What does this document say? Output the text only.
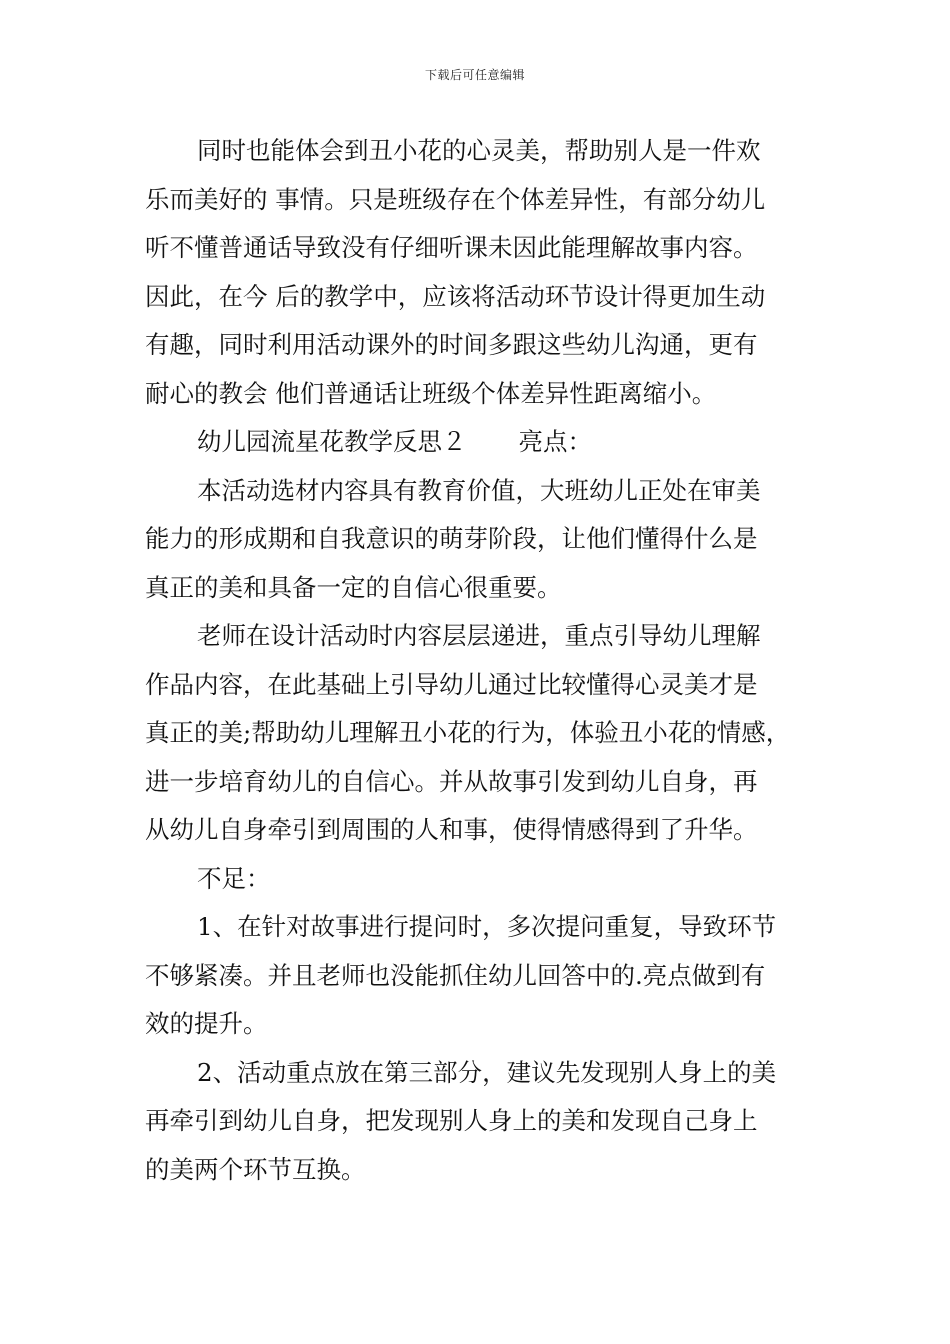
下载后可任意编辑
同时也能体会到丑小花的心灵美，帮助别人是一件欢
乐而美好的 事情。只是班级存在个体差异性，有部分幼儿
听不懂普通话导致没有仔细听课未因此能理解故事内容。
因此，在今 后的教学中，应该将活动环节设计得更加生动
有趣，同时利用活动课外的时间多跟这些幼儿沟通，更有
耐心的教会 他们普通话让班级个体差异性距离缩小。
幼儿园流星花教学反思２ 亮点：
本活动选材内容具有教育价值，大班幼儿正处在审美
能力的形成期和自我意识的萌芽阶段，让他们懂得什么是
真正的美和具备一定的自信心很重要。
老师在设计活动时内容层层递进，重点引导幼儿理解
作品内容，在此基础上引导幼儿通过比较懂得心灵美才是
真正的美;帮助幼儿理解丑小花的行为，体验丑小花的情感，
进一步培育幼儿的自信心。并从故事引发到幼儿自身，再
从幼儿自身牵引到周围的人和事，使得情感得到了升华。
不足：
1、在针对故事进行提问时，多次提问重复，导致环节
不够紧凑。并且老师也没能抓住幼儿回答中的.亮点做到有
效的提升。
2、活动重点放在第三部分，建议先发现别人身上的美
再牵引到幼儿自身，把发现别人身上的美和发现自己身上
的美两个环节互换。
